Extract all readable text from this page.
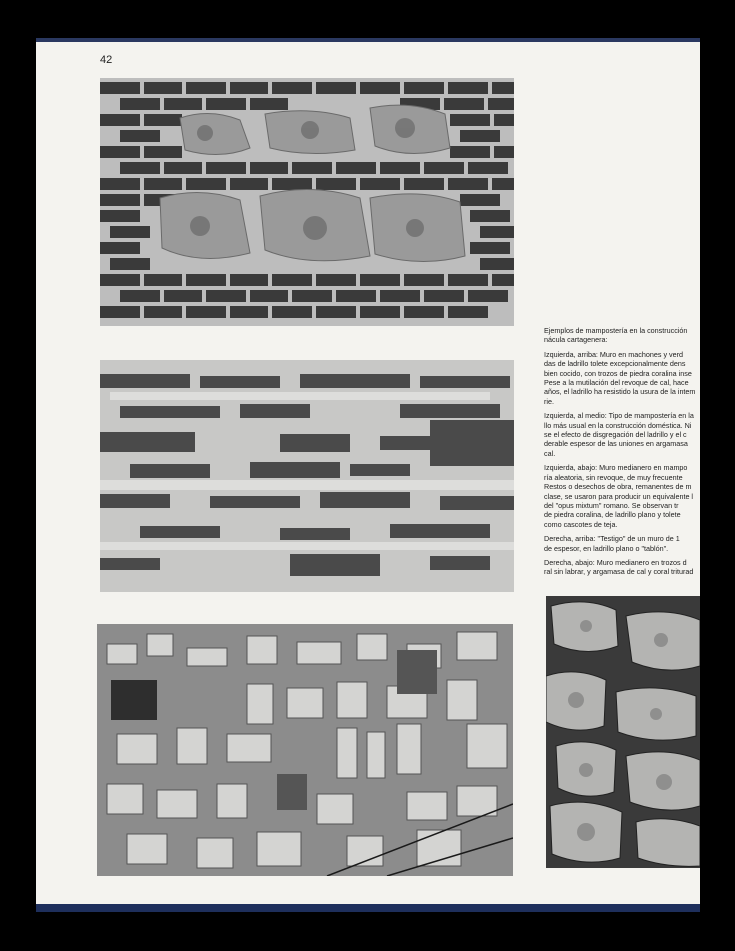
42

Ejemplos de mampostería en la construcción
nácula cartagenera:

Izquierda, arriba: Muro en machones y verd
das de ladrillo tolete excepcionalmente dens
bien cocido, con trozos de piedra coralina inse
Pese a la mutilación del revoque de cal, hace
años, el ladrillo ha resistido la usura de la intem
rie.

Izquierda, al medio: Tipo de mampostería en la
llo más usual en la construcción doméstica. Ni
se el efecto de disgregación del ladrillo y el c
derable espesor de las uniones en argamasa
cal.

Izquierda, abajo: Muro medianero en mampo
ría aleatoria, sin revoque, de muy frecuente
Restos o desechos de obra, remanentes de m
clase, se usaron para producir un equivalente l
del "opus mixtum" romano. Se observan tr
de piedra coralina, de ladrillo plano y tolete
como cascotes de teja.

Derecha, arriba: "Testigo" de un muro de 1
de espesor, en ladrillo plano o "tablón".

Derecha, abajo: Muro medianero en trozos d
ral sin labrar, y argamasa de cal y coral triturad
